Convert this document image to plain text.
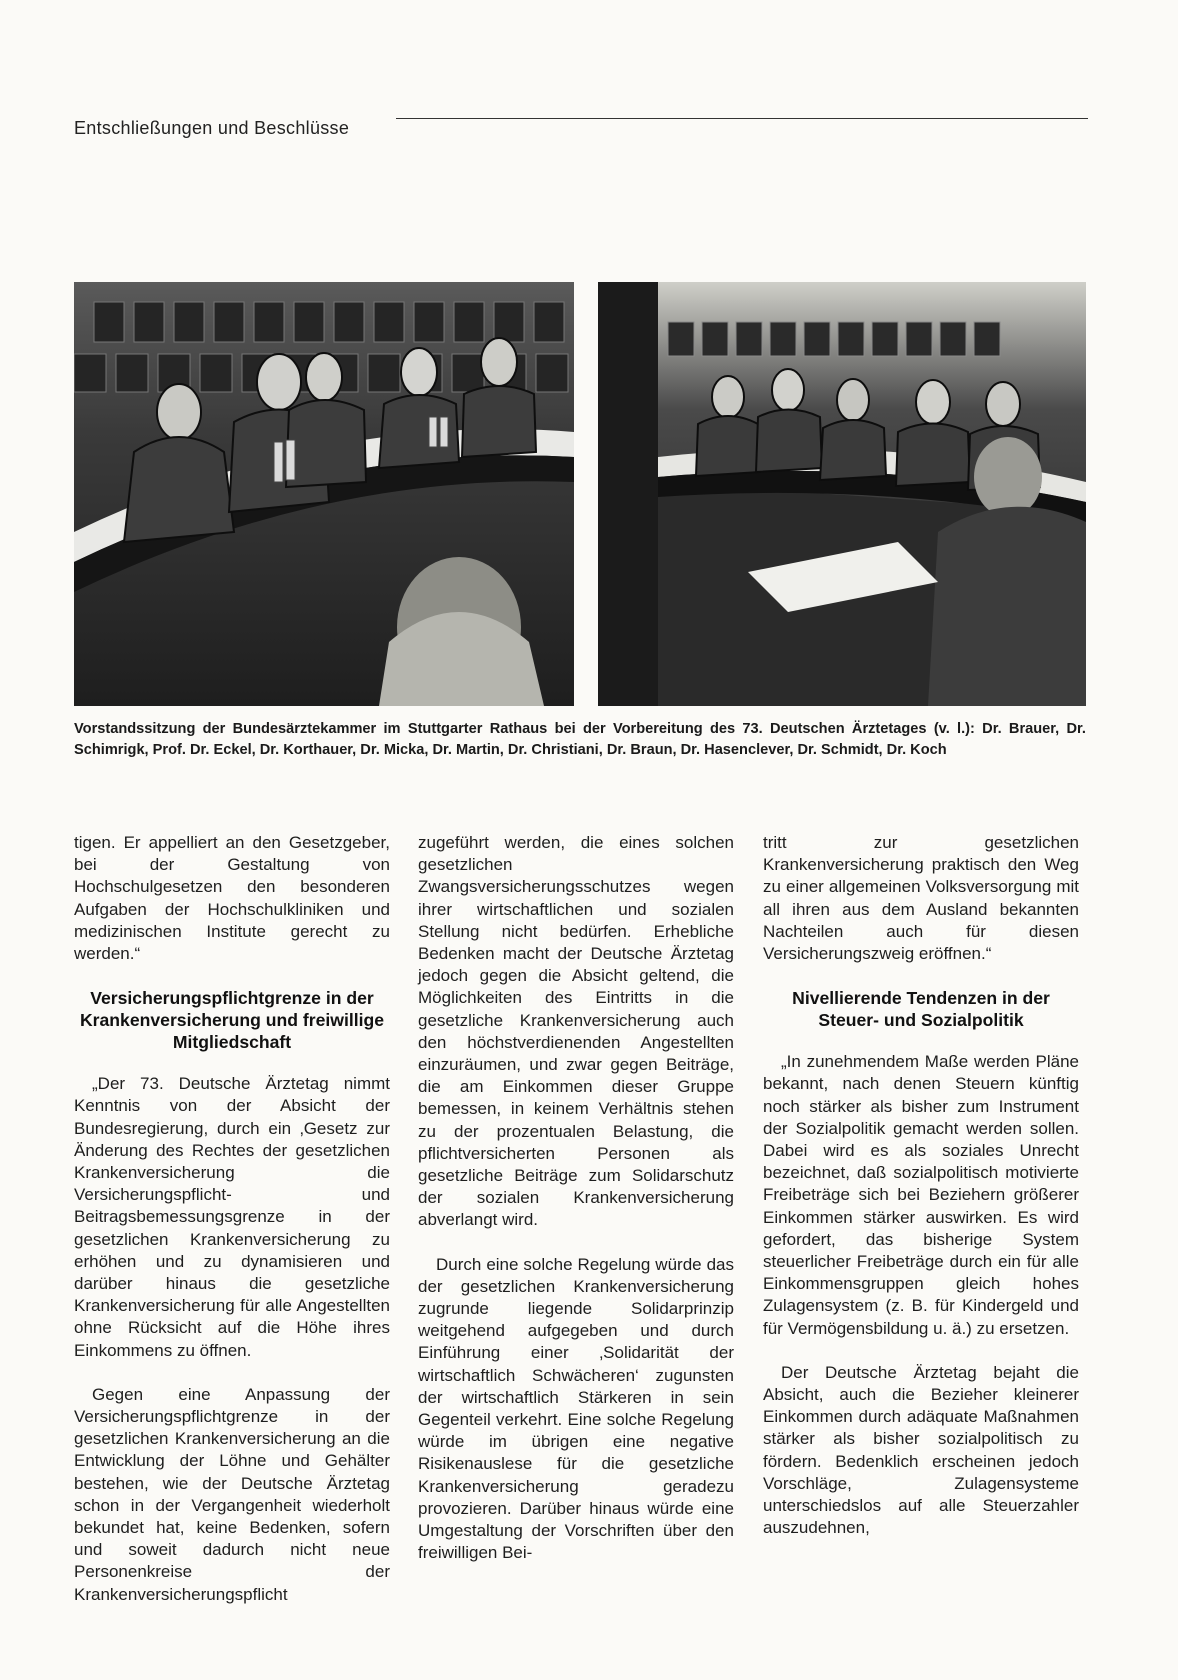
Entschließungen und Beschlüsse
Vorstandssitzung der Bundesärztekammer im Stuttgarter Rathaus bei der Vorbereitung des 73. Deutschen Ärztetages (v. l.): Dr. Brauer, Dr. Schimrigk, Prof. Dr. Eckel, Dr. Korthauer, Dr. Micka, Dr. Martin, Dr. Christiani, Dr. Braun, Dr. Hasenclever, Dr. Schmidt, Dr. Koch

tigen. Er appelliert an den Gesetzgeber, bei der Gestaltung von Hochschulgesetzen den besonderen Aufgaben der Hochschulkliniken und medizinischen Institute gerecht zu werden.“

Versicherungspflichtgrenze in der Krankenversicherung und freiwillige Mitgliedschaft

„Der 73. Deutsche Ärztetag nimmt Kenntnis von der Absicht der Bundesregierung, durch ein ‚Gesetz zur Änderung des Rechtes der gesetzlichen Krankenversicherung die Versicherungspflicht- und Beitragsbemessungsgrenze in der gesetzlichen Krankenversicherung zu erhöhen und zu dynamisieren und darüber hinaus die gesetzliche Krankenversicherung für alle Angestellten ohne Rücksicht auf die Höhe ihres Einkommens zu öffnen.

Gegen eine Anpassung der Versicherungspflichtgrenze in der gesetzlichen Krankenversicherung an die Entwicklung der Löhne und Gehälter bestehen, wie der Deutsche Ärztetag schon in der Vergangenheit wiederholt bekundet hat, keine Bedenken, sofern und soweit dadurch nicht neue Personenkreise der Krankenversicherungspflicht

zugeführt werden, die eines solchen gesetzlichen Zwangsversicherungsschutzes wegen ihrer wirtschaftlichen und sozialen Stellung nicht bedürfen. Erhebliche Bedenken macht der Deutsche Ärztetag jedoch gegen die Absicht geltend, die Möglichkeiten des Eintritts in die gesetzliche Krankenversicherung auch den höchstverdienenden Angestellten einzuräumen, und zwar gegen Beiträge, die am Einkommen dieser Gruppe bemessen, in keinem Verhältnis stehen zu der prozentualen Belastung, die pflichtversicherten Personen als gesetzliche Beiträge zum Solidarschutz der sozialen Krankenversicherung abverlangt wird.

Durch eine solche Regelung würde das der gesetzlichen Krankenversicherung zugrunde liegende Solidarprinzip weitgehend aufgegeben und durch Einführung einer ‚Solidarität der wirtschaftlich Schwächeren‘ zugunsten der wirtschaftlich Stärkeren in sein Gegenteil verkehrt. Eine solche Regelung würde im übrigen eine negative Risikenauslese für die gesetzliche Krankenversicherung geradezu provozieren. Darüber hinaus würde eine Umgestaltung der Vorschriften über den freiwilligen Bei-

tritt zur gesetzlichen Krankenversicherung praktisch den Weg zu einer allgemeinen Volksversorgung mit all ihren aus dem Ausland bekannten Nachteilen auch für diesen Versicherungszweig eröffnen.“

Nivellierende Tendenzen in der Steuer- und Sozialpolitik

„In zunehmendem Maße werden Pläne bekannt, nach denen Steuern künftig noch stärker als bisher zum Instrument der Sozialpolitik gemacht werden sollen. Dabei wird es als soziales Unrecht bezeichnet, daß sozialpolitisch motivierte Freibeträge sich bei Beziehern größerer Einkommen stärker auswirken. Es wird gefordert, das bisherige System steuerlicher Freibeträge durch ein für alle Einkommensgruppen gleich hohes Zulagensystem (z. B. für Kindergeld und für Vermögensbildung u. ä.) zu ersetzen.

Der Deutsche Ärztetag bejaht die Absicht, auch die Bezieher kleinerer Einkommen durch adäquate Maßnahmen stärker als bisher sozialpolitisch zu fördern. Bedenklich erscheinen jedoch Vorschläge, Zulagensysteme unterschiedslos auf alle Steuerzahler auszudehnen,
